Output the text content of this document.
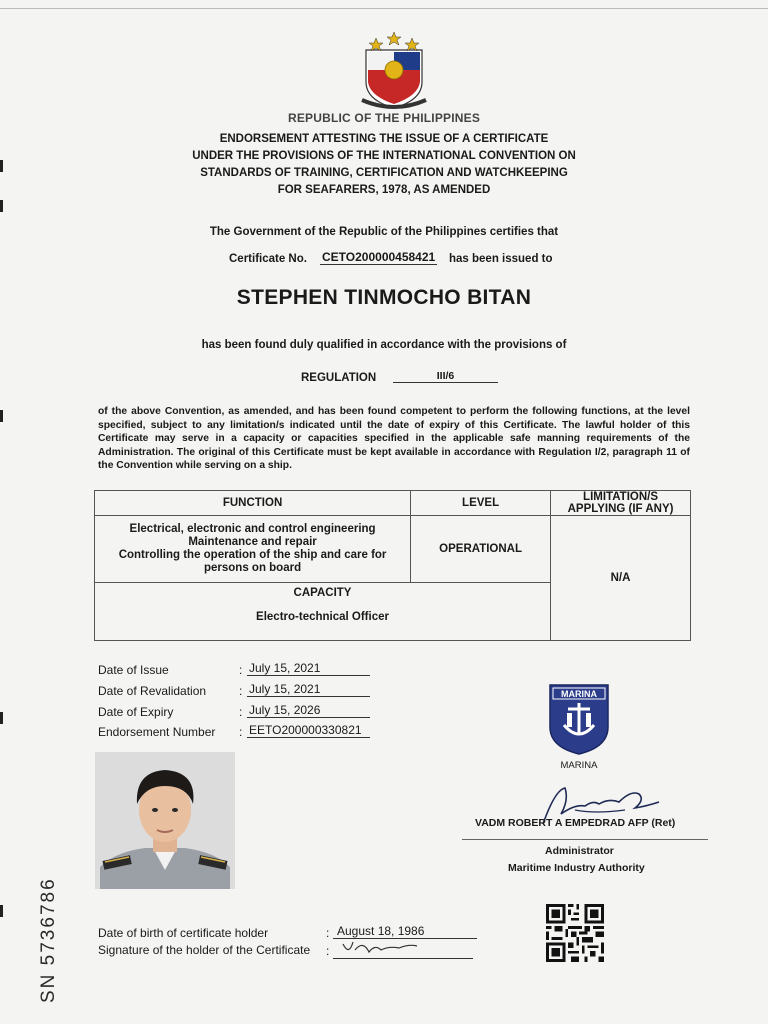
REPUBLIC OF THE PHILIPPINES
ENDORSEMENT ATTESTING THE ISSUE OF A CERTIFICATE
UNDER THE PROVISIONS OF THE INTERNATIONAL CONVENTION ON
STANDARDS OF TRAINING, CERTIFICATION AND WATCHKEEPING
FOR SEAFARERS, 1978, AS AMENDED
The Government of the Republic of the Philippines certifies that
Certificate No. CETO200000458421 has been issued to
STEPHEN TINMOCHO BITAN
has been found duly qualified in accordance with the provisions of
REGULATION	III/6
of the above Convention, as amended, and has been found competent to perform the following functions, at the level specified, subject to any limitation/s indicated until the date of expiry of this Certificate. The lawful holder of this Certificate may serve in a capacity or capacities specified in the applicable safe manning requirements of the Administration. The original of this Certificate must be kept available in accordance with Regulation I/2, paragraph 11 of the Convention while serving on a ship.
FUNCTION	LEVEL	LIMITATION/S APPLYING (IF ANY)

Electrical, electronic and control engineering
Maintenance and repair
Controlling the operation of the ship and care for persons on board	OPERATIONAL	N/A

CAPACITY
Electro-technical Officer		
Date of Issue	: July 15, 2021
Date of Revalidation	: July 15, 2021
Date of Expiry	: July 15, 2026
Endorsement Number : EETO200000330821
MARINA
MARINA
VADM ROBERT A EMPEDRAD AFP (Ret)
Administrator
Maritime Industry Authority
Date of birth of certificate holder	: August 18, 1986
Signature of the holder of the Certificate :
SN 5736786
